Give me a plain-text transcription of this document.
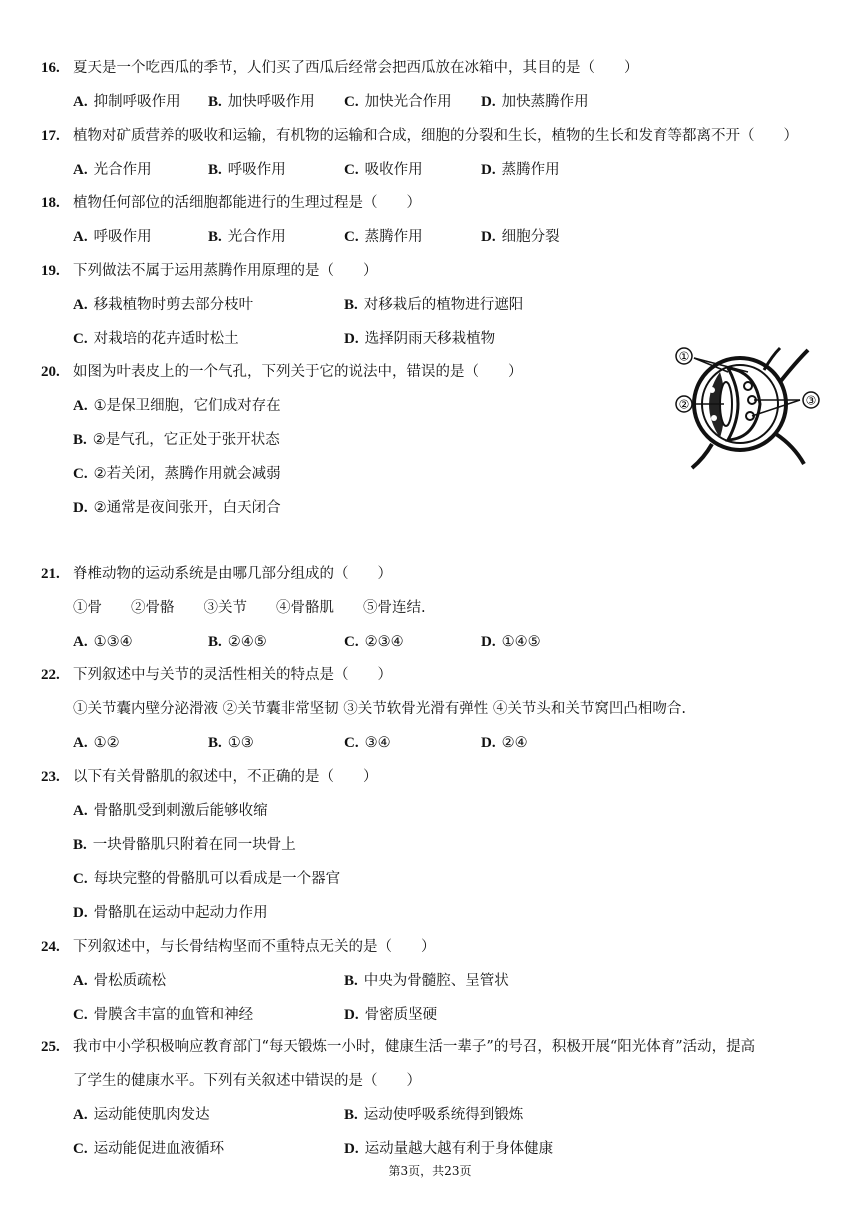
16. 夏天是一个吃西瓜的季节，人们买了西瓜后经常会把西瓜放在冰箱中，其目的是（　　）
A. 抑制呼吸作用 B. 加快呼吸作用 C. 加快光合作用 D. 加快蒸腾作用
17. 植物对矿质营养的吸收和运输，有机物的运输和合成，细胞的分裂和生长，植物的生长和发育等都离不开（　　）
A. 光合作用	B. 呼吸作用	C. 吸收作用	D. 蒸腾作用
18. 植物任何部位的活细胞都能进行的生理过程是（　　）
A. 呼吸作用	B. 光合作用	C. 蒸腾作用	D. 细胞分裂
19. 下列做法不属于运用蒸腾作用原理的是（　　）
A. 移栽植物时剪去部分枝叶	B. 对移栽后的植物进行遮阳
C. 对栽培的花卉适时松土	D. 选择阴雨天移栽植物
20. 如图为叶表皮上的一个气孔，下列关于它的说法中，错误的是（　　）
A. ①是保卫细胞，它们成对存在
B. ②是气孔，它正处于张开状态
C. ②若关闭，蒸腾作用就会减弱
D. ②通常是夜间张开，白天闭合
21. 脊椎动物的运动系统是由哪几部分组成的（　　）
①骨　　②骨骼　　③关节　　④骨骼肌　　⑤骨连结.
A. ①③④	B. ②④⑤	C. ②③④	D. ①④⑤
22. 下列叙述中与关节的灵活性相关的特点是（　　）
①关节囊内壁分泌滑液 ②关节囊非常坚韧 ③关节软骨光滑有弹性 ④关节头和关节窝凹凸相吻合.
A. ①②	B. ①③	C. ③④	D. ②④
23. 以下有关骨骼肌的叙述中，不正确的是（　　）
A. 骨骼肌受到刺激后能够收缩
B. 一块骨骼肌只附着在同一块骨上
C. 每块完整的骨骼肌可以看成是一个器官
D. 骨骼肌在运动中起动力作用
24. 下列叙述中，与长骨结构坚而不重特点无关的是（　　）
A. 骨松质疏松	B. 中央为骨髓腔、呈管状
C. 骨膜含丰富的血管和神经	D. 骨密质坚硬
25. 我市中小学积极响应教育部门“每天锻炼一小时，健康生活一辈子”的号召，积极开展“阳光体育”活动，提高
了学生的健康水平。下列有关叙述中错误的是（　　）
A. 运动能使肌肉发达	B. 运动使呼吸系统得到锻炼
C. 运动能促进血液循环	D. 运动量越大越有利于身体健康
①
②	③
第3页，共23页
